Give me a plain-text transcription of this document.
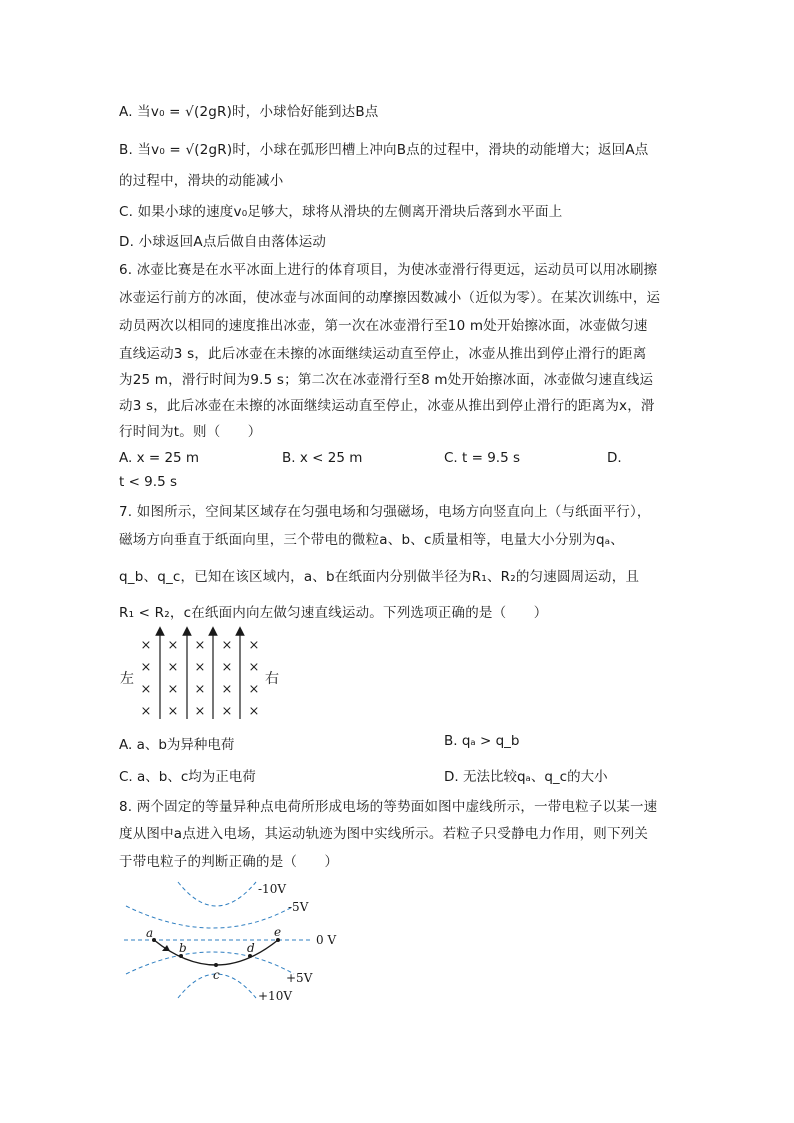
A. 当v₀ = √(2gR)时，小球恰好能到达B点
B. 当v₀ = √(2gR)时，小球在弧形凹槽上冲向B点的过程中，滑块的动能增大；返回A点
的过程中，滑块的动能减小
C. 如果小球的速度v₀足够大，球将从滑块的左侧离开滑块后落到水平面上
D. 小球返回A点后做自由落体运动
6. 冰壶比赛是在水平冰面上进行的体育项目，为使冰壶滑行得更远，运动员可以用冰刷擦
冰壶运行前方的冰面，使冰壶与冰面间的动摩擦因数减小（近似为零）。在某次训练中，运
动员两次以相同的速度推出冰壶，第一次在冰壶滑行至10 m处开始擦冰面，冰壶做匀速
直线运动3 s，此后冰壶在未擦的冰面继续运动直至停止，冰壶从推出到停止滑行的距离
为25 m，滑行时间为9.5 s；第二次在冰壶滑行至8 m处开始擦冰面，冰壶做匀速直线运
动3 s，此后冰壶在未擦的冰面继续运动直至停止，冰壶从推出到停止滑行的距离为x，滑
行时间为t。则（　　）
A. x = 25 m	B. x < 25 m	C. t = 9.5 s	D.
t < 9.5 s
7. 如图所示，空间某区域存在匀强电场和匀强磁场，电场方向竖直向上（与纸面平行），
磁场方向垂直于纸面向里，三个带电的微粒a、b、c质量相等，电量大小分别为qₐ、
q_b、q_c，已知在该区域内，a、b在纸面内分别做半径为R₁、R₂的匀速圆周运动，且
R₁ < R₂，c在纸面内向左做匀速直线运动。下列选项正确的是（　　）
× × × × ×
× × × × ×
× × × × ×
× × × × ×
左	右
A. a、b为异种电荷	B. qₐ > q_b
C. a、b、c均为正电荷	D. 无法比较qₐ、q_c的大小
8. 两个固定的等量异种点电荷所形成电场的等势面如图中虚线所示，一带电粒子以某一速
度从图中a点进入电场，其运动轨迹为图中实线所示。若粒子只受静电力作用，则下列关
于带电粒子的判断正确的是（　　）
-10V
-5V
0 V
+5V
+10V
a
b
c
d
e
